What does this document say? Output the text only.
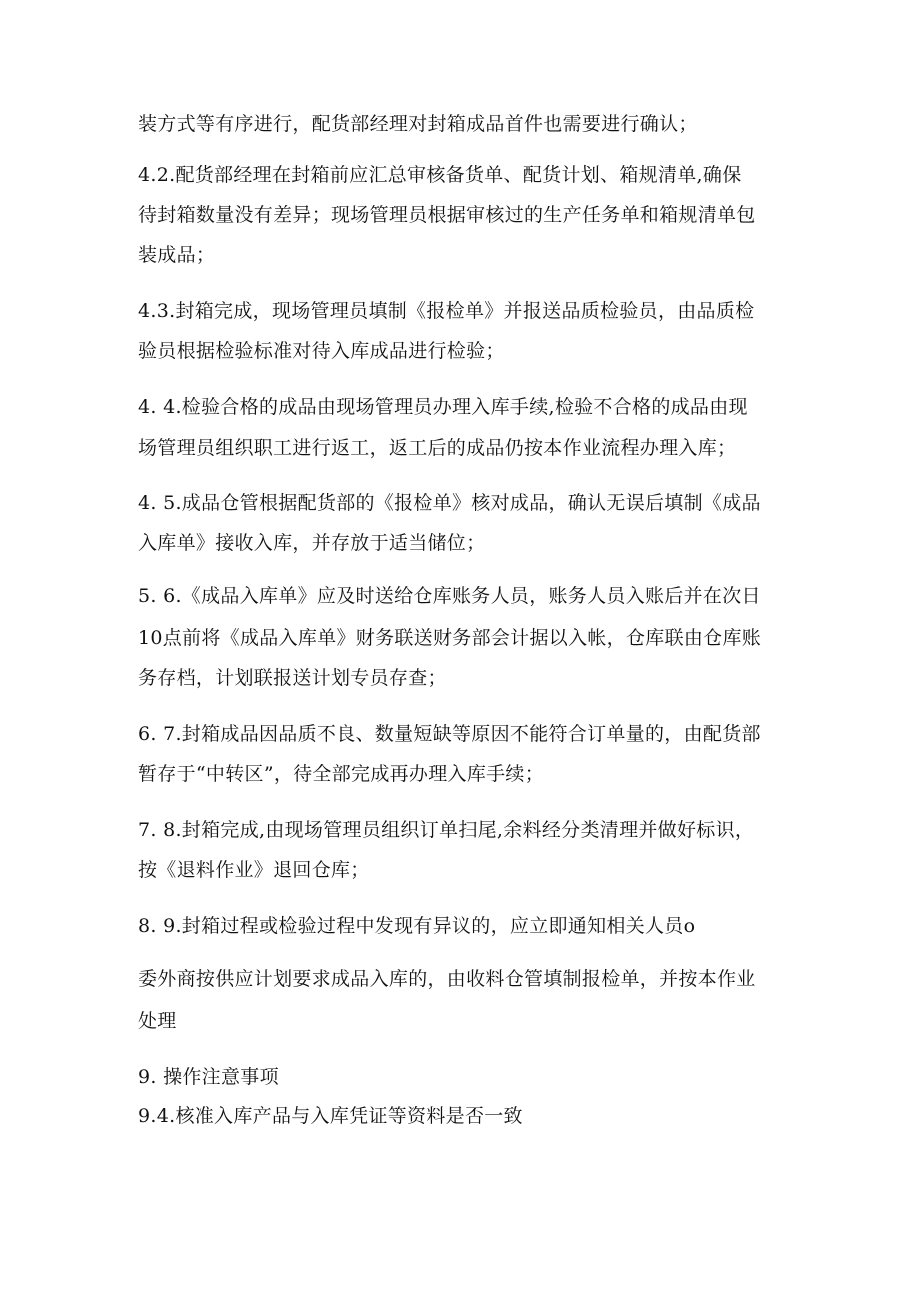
装方式等有序进行，配货部经理对封箱成品首件也需要进行确认；
4.2.配货部经理在封箱前应汇总审核备货单、配货计划、箱规清单,确保
待封箱数量没有差异；现场管理员根据审核过的生产任务单和箱规清单包
装成品；
4.3.封箱完成，现场管理员填制《报检单》并报送品质检验员，由品质检
验员根据检验标准对待入库成品进行检验；
4. 4.检验合格的成品由现场管理员办理入库手续,检验不合格的成品由现
场管理员组织职工进行返工，返工后的成品仍按本作业流程办理入库；
4. 5.成品仓管根据配货部的《报检单》核对成品，确认无误后填制《成品
入库单》接收入库，并存放于适当储位；
5. 6.《成品入库单》应及时送给仓库账务人员，账务人员入账后并在次日
10点前将《成品入库单》财务联送财务部会计据以入帐，仓库联由仓库账
务存档，计划联报送计划专员存查；
6. 7.封箱成品因品质不良、数量短缺等原因不能符合订单量的，由配货部
暂存于“中转区”，待全部完成再办理入库手续；
7. 8.封箱完成,由现场管理员组织订单扫尾,余料经分类清理并做好标识，
按《退料作业》退回仓库；
8. 9.封箱过程或检验过程中发现有异议的，应立即通知相关人员o
委外商按供应计划要求成品入库的，由收料仓管填制报检单，并按本作业
处理
9. 操作注意事项
9.4.核准入库产品与入库凭证等资料是否一致
